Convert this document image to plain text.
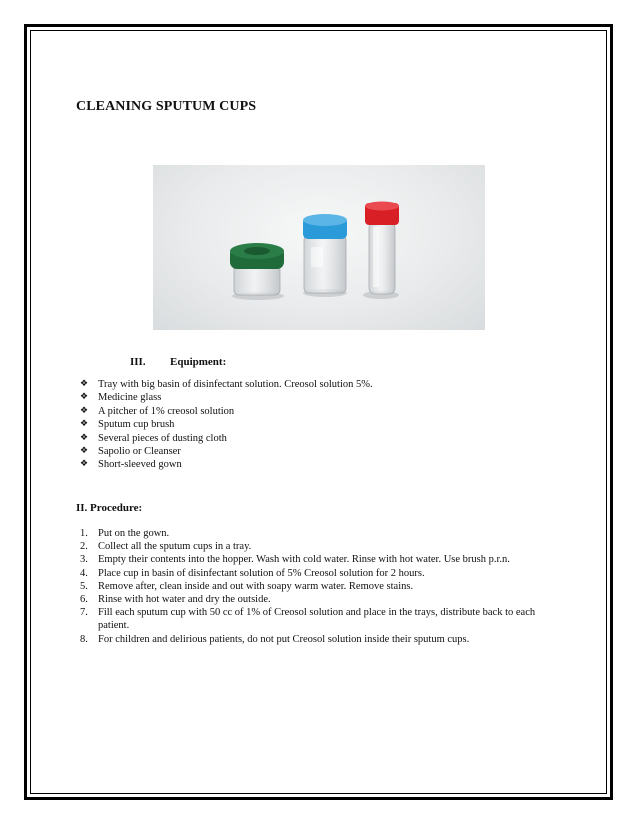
CLEANING SPUTUM CUPS
III. Equipment:
❖ Tray with big basin of disinfectant solution. Creosol solution 5%.
❖ Medicine glass
❖ A pitcher of 1% creosol solution
❖ Sputum cup brush
❖ Several pieces of dusting cloth
❖ Sapolio or Cleanser
❖ Short-sleeved gown
II. Procedure:
1. Put on the gown.
2. Collect all the sputum cups in a tray.
3. Empty their contents into the hopper. Wash with cold water. Rinse with hot water. Use brush p.r.n.
4. Place cup in basin of disinfectant solution of 5% Creosol solution for 2 hours.
5. Remove after, clean inside and out with soapy warm water. Remove stains.
6. Rinse with hot water and dry the outside.
7. Fill each sputum cup with 50 cc of 1% of Creosol solution and place in the trays, distribute back to each patient.
8. For children and delirious patients, do not put Creosol solution inside their sputum cups.
